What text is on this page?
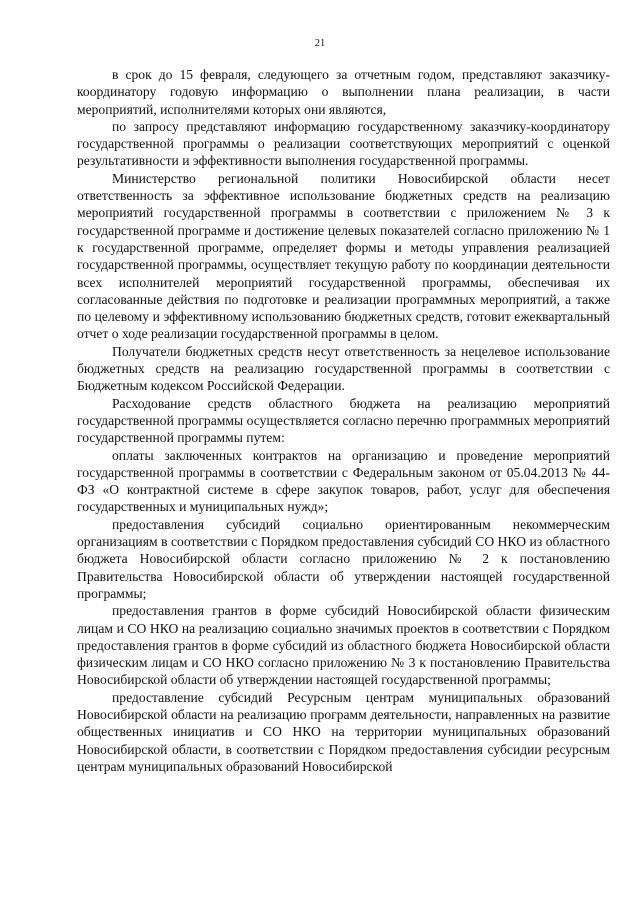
21

в срок до 15 февраля, следующего за отчетным годом, представляют заказчику-координатору годовую информацию о выполнении плана реализации, в части мероприятий, исполнителями которых они являются,

по запросу представляют информацию государственному заказчику-координатору государственной программы о реализации соответствующих мероприятий с оценкой результативности и эффективности выполнения государственной программы.

Министерство региональной политики Новосибирской области несет ответственность за эффективное использование бюджетных средств на реализацию мероприятий государственной программы в соответствии с приложением № 3 к государственной программе и достижение целевых показателей согласно приложению № 1 к государственной программе, определяет формы и методы управления реализацией государственной программы, осуществляет текущую работу по координации деятельности всех исполнителей мероприятий государственной программы, обеспечивая их согласованные действия по подготовке и реализации программных мероприятий, а также по целевому и эффективному использованию бюджетных средств, готовит ежеквартальный отчет о ходе реализации государственной программы в целом.

Получатели бюджетных средств несут ответственность за нецелевое использование бюджетных средств на реализацию государственной программы в соответствии с Бюджетным кодексом Российской Федерации.

Расходование средств областного бюджета на реализацию мероприятий государственной программы осуществляется согласно перечню программных мероприятий государственной программы путем:

оплаты заключенных контрактов на организацию и проведение мероприятий государственной программы в соответствии с Федеральным законом от 05.04.2013 № 44-ФЗ «О контрактной системе в сфере закупок товаров, работ, услуг для обеспечения государственных и муниципальных нужд»;

предоставления субсидий социально ориентированным некоммерческим организациям в соответствии с Порядком предоставления субсидий СО НКО из областного бюджета Новосибирской области согласно приложению № 2 к постановлению Правительства Новосибирской области об утверждении настоящей государственной программы;

предоставления грантов в форме субсидий Новосибирской области физическим лицам и СО НКО на реализацию социально значимых проектов в соответствии с Порядком предоставления грантов в форме субсидий из областного бюджета Новосибирской области физическим лицам и СО НКО согласно приложению № 3 к постановлению Правительства Новосибирской области об утверждении настоящей государственной программы;

предоставление субсидий Ресурсным центрам муниципальных образований Новосибирской области на реализацию программ деятельности, направленных на развитие общественных инициатив и СО НКО на территории муниципальных образований Новосибирской области, в соответствии с Порядком предоставления субсидии ресурсным центрам муниципальных образований Новосибирской
